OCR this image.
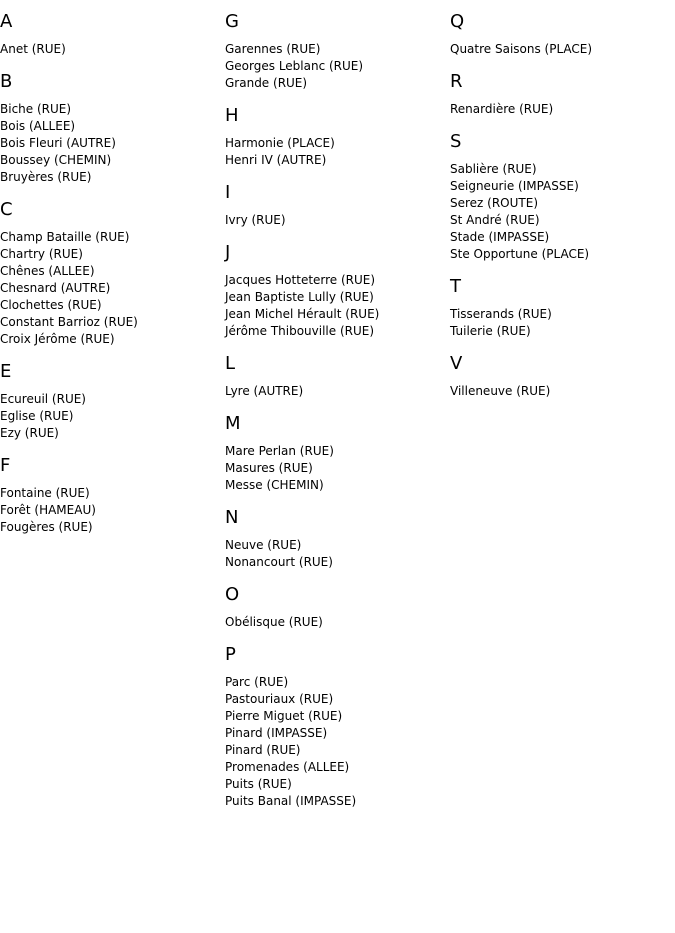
A
Anet (RUE)
B
Biche (RUE)
Bois (ALLEE)
Bois Fleuri (AUTRE)
Boussey (CHEMIN)
Bruyères (RUE)
C
Champ Bataille (RUE)
Chartry (RUE)
Chênes (ALLEE)
Chesnard (AUTRE)
Clochettes (RUE)
Constant Barrioz (RUE)
Croix Jérôme (RUE)
E
Ecureuil (RUE)
Eglise (RUE)
Ezy (RUE)
F
Fontaine (RUE)
Forêt (HAMEAU)
Fougères (RUE)
G
Garennes (RUE)
Georges Leblanc (RUE)
Grande (RUE)
H
Harmonie (PLACE)
Henri IV (AUTRE)
I
Ivry (RUE)
J
Jacques Hotteterre (RUE)
Jean Baptiste Lully (RUE)
Jean Michel Hérault (RUE)
Jérôme Thibouville (RUE)
L
Lyre (AUTRE)
M
Mare Perlan (RUE)
Masures (RUE)
Messe (CHEMIN)
N
Neuve (RUE)
Nonancourt (RUE)
O
Obélisque (RUE)
P
Parc (RUE)
Pastouriaux (RUE)
Pierre Miguet (RUE)
Pinard (IMPASSE)
Pinard (RUE)
Promenades (ALLEE)
Puits (RUE)
Puits Banal (IMPASSE)
Q
Quatre Saisons (PLACE)
R
Renardière (RUE)
S
Sablière (RUE)
Seigneurie (IMPASSE)
Serez (ROUTE)
St André (RUE)
Stade (IMPASSE)
Ste Opportune (PLACE)
T
Tisserands (RUE)
Tuilerie (RUE)
V
Villeneuve (RUE)
